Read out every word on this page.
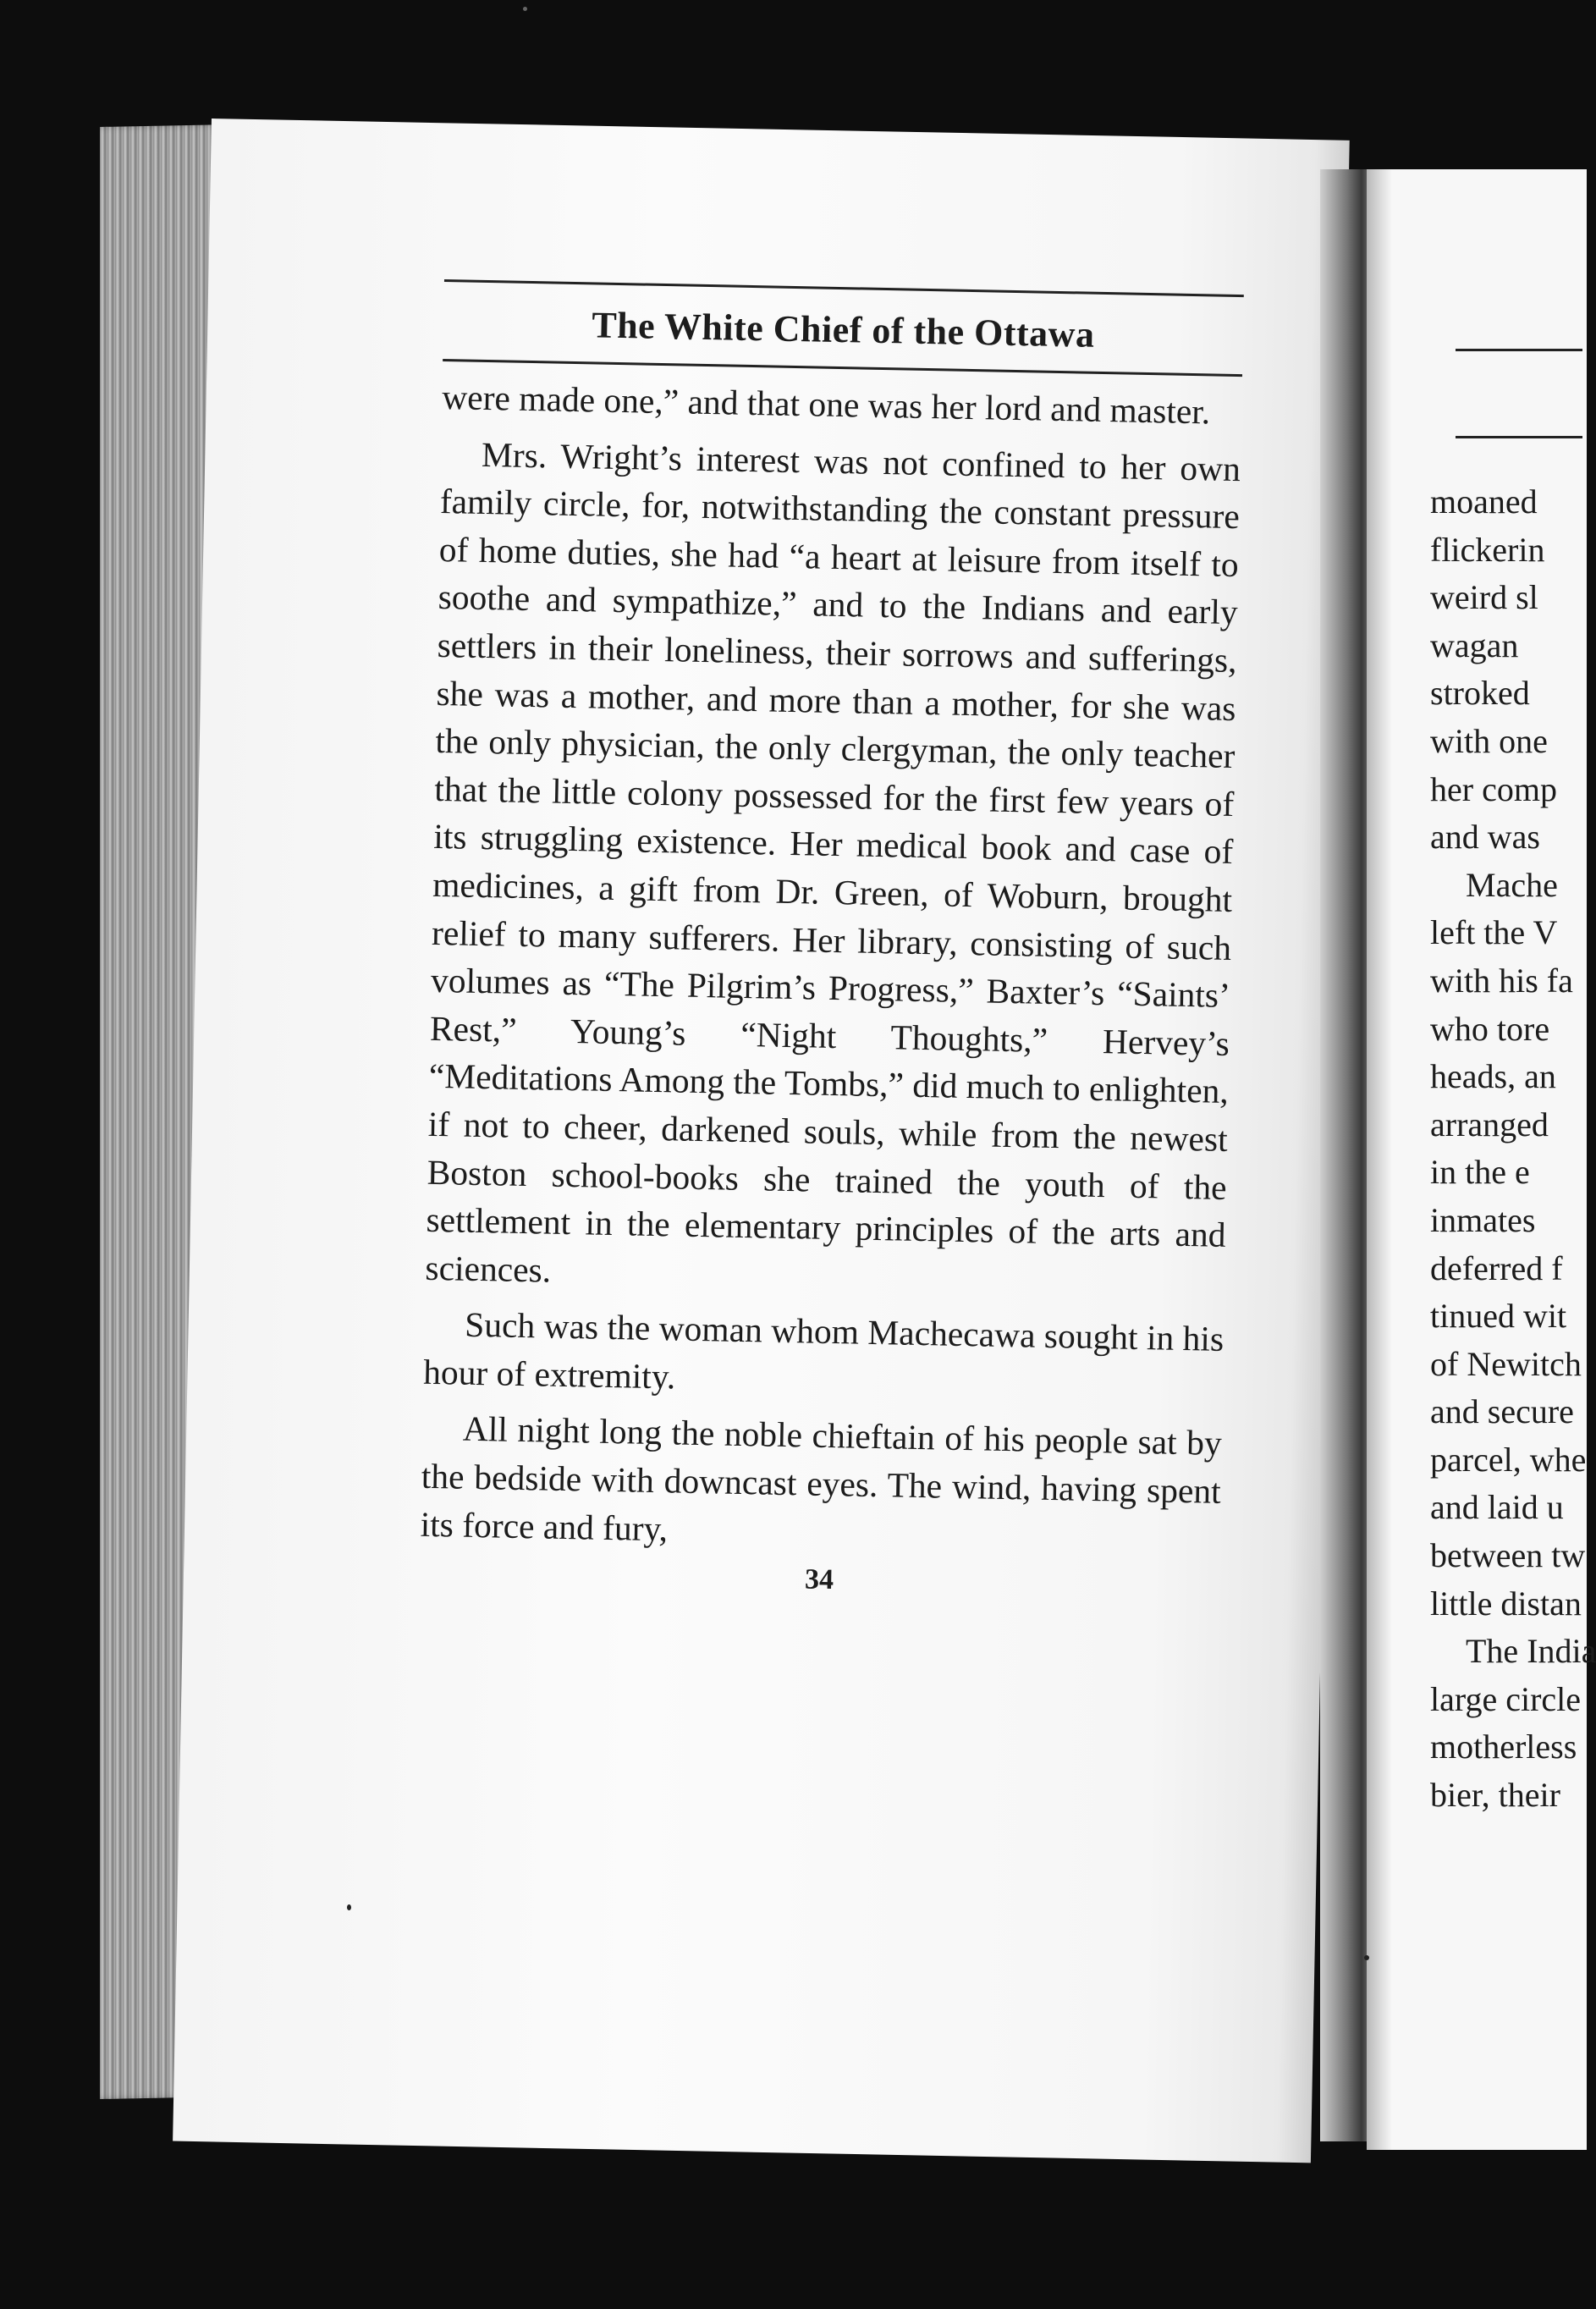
The White Chief of the Ottawa

were made one,” and that one was her lord and master.

Mrs. Wright’s interest was not confined to her own family circle, for, notwithstanding the constant pressure of home duties, she had “a heart at leisure from itself to soothe and sympathize,” and to the Indians and early settlers in their loneliness, their sorrows and sufferings, she was a mother, and more than a mother, for she was the only physician, the only clergyman, the only teacher that the little colony possessed for the first few years of its struggling existence. Her medical book and case of medicines, a gift from Dr. Green, of Woburn, brought relief to many sufferers. Her library, consisting of such volumes as “The Pilgrim’s Progress,” Baxter’s “Saints’ Rest,” Young’s “Night Thoughts,” Hervey’s “Meditations Among the Tombs,” did much to enlighten, if not to cheer, darkened souls, while from the newest Boston school-books she trained the youth of the settlement in the elementary principles of the arts and sciences.

Such was the woman whom Machecawa sought in his hour of extremity.

All night long the noble chieftain of his people sat by the bedside with downcast eyes. The wind, having spent its force and fury,

34
moaned
flickerin
weird sl
wagan
stroked
with one
her comp
and was
Mache
left the V
with his fa
who tore
heads, an
arranged
in the e
inmates
deferred f
tinued wit
of Newitch
and secure
parcel, whe
and laid u
between tw
little distan
The India
large circle
motherless
bier, their
